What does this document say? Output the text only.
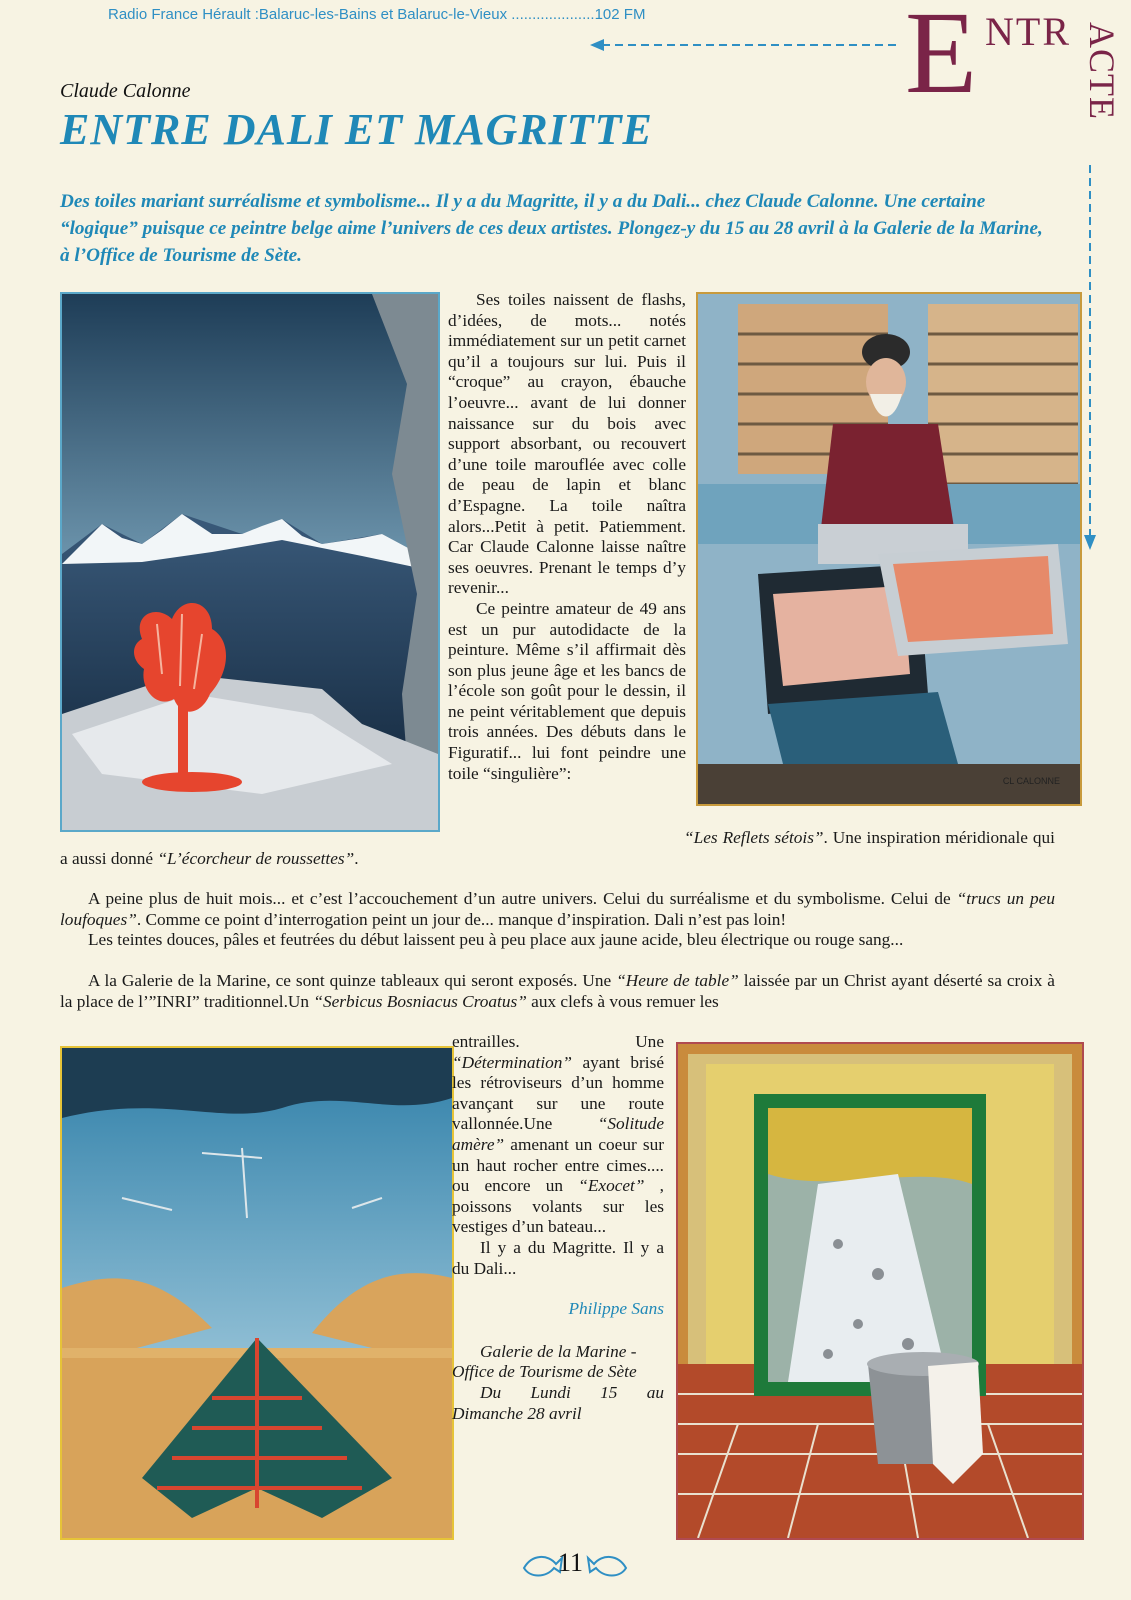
Radio France Hérault :Balaruc-les-Bains et Balaruc-le-Vieux ....................102 FM E NTR ACTE
Claude Calonne
ENTRE DALI ET MAGRITTE
Des toiles mariant surréalisme et symbolisme... Il y a du Magritte, il y a du Dali... chez Claude Calonne. Une certaine “logique” puisque ce peintre belge aime l’univers de ces deux artistes. Plongez-y du 15 au 28 avril à la Galerie de la Marine, à l’Office de Tourisme de Sète.

Ses toiles naissent de flashs, d’idées, de mots... notés immédiatement sur un petit carnet qu’il a toujours sur lui. Puis il “croque” au crayon, ébauche l’oeuvre... avant de lui donner naissance sur du bois avec support absorbant, ou recouvert d’une toile marouflée avec colle de peau de lapin et blanc d’Espagne. La toile naîtra alors...Petit à petit. Patiemment. Car Claude Calonne laisse naître ses oeuvres. Prenant le temps d’y revenir...

Ce peintre amateur de 49 ans est un pur autodidacte de la peinture. Même s’il affirmait dès son plus jeune âge et les bancs de l’école son goût pour le dessin, il ne peint véritablement que depuis trois années. Des débuts dans le Figuratif... lui font peindre une toile “singulière”:	CL CALONNE

“Les Reflets sétois”. Une inspiration méridionale qui a aussi donné “L’écorcheur de roussettes”.

A peine plus de huit mois... et c’est l’accouchement d’un autre univers. Celui du surréalisme et du symbolisme. Celui de “trucs un peu loufoques”. Comme ce point d’interrogation peint un jour de... manque d’inspiration. Dali n’est pas loin!

Les teintes douces, pâles et feutrées du début laissent peu à peu place aux jaune acide, bleu électrique ou rouge sang...

A la Galerie de la Marine, ce sont quinze tableaux qui seront exposés. Une “Heure de table” laissée par un Christ ayant déserté sa croix à la place de l’”INRI” traditionnel.Un “Serbicus Bosniacus Croatus” aux clefs à vous remuer les

entrailles. Une “Détermination” ayant brisé les rétroviseurs d’un homme avançant sur une route vallonnée.Une “Solitude amère” amenant un coeur sur un haut rocher entre cimes.... ou encore un “Exocet” , poissons volants sur les vestiges d’un bateau...

Il y a du Magritte. Il y a du Dali...

Philippe Sans

Galerie de la Marine - Office de Tourisme de Sète

Du Lundi 15 au Dimanche 28 avril

11
